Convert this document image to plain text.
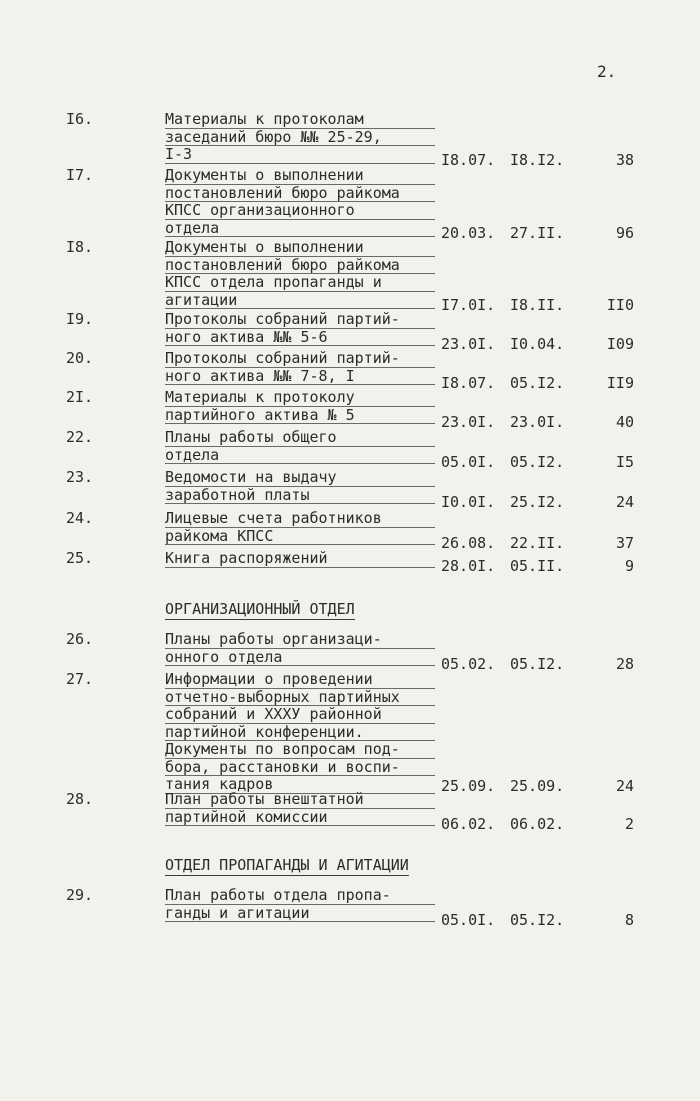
2.
I6.	Материалы к протоколам
заседаний бюро №№ 25-29,
I-3	I8.07. I8.I2.	38
I7.	Документы о выполнении
постановлений бюро райкома
КПСС организационного
отдела	20.03. 27.II.	96
I8.	Документы о выполнении
постановлений бюро райкома
КПСС отдела пропаганды и
агитации	I7.0I. I8.II.	II0
I9.	Протоколы собраний партий-
ного актива №№ 5-6	23.0I. I0.04.	I09
20.	Протоколы собраний партий-
ного актива №№ 7-8, I	I8.07. 05.I2.	II9
2I.	Материалы к протоколу
партийного актива № 5	23.0I. 23.0I.	40
22.	Планы работы общего
отдела	05.0I. 05.I2.	I5
23.	Ведомости на выдачу
заработной платы	I0.0I. 25.I2.	24
24.	Лицевые счета работников
райкома КПСС	26.08. 22.II.	37
25.	Книга распоряжений	28.0I. 05.II.	9
26.	Планы работы организаци-
онного отдела	05.02. 05.I2.	28
27.	Информации о проведении
отчетно-выборных партийных
собраний и XXXУ районной
партийной конференции.
Документы по вопросам под-
бора, расстановки и воспи-
тания кадров	25.09. 25.09.	24
28.	План работы внештатной
партийной комиссии	06.02. 06.02.	2
29.	План работы отдела пропа-
ганды и агитации	05.0I. 05.I2.	8
ОРГАНИЗАЦИОННЫЙ ОТДЕЛ
ОТДЕЛ ПРОПАГАНДЫ И АГИТАЦИИ
